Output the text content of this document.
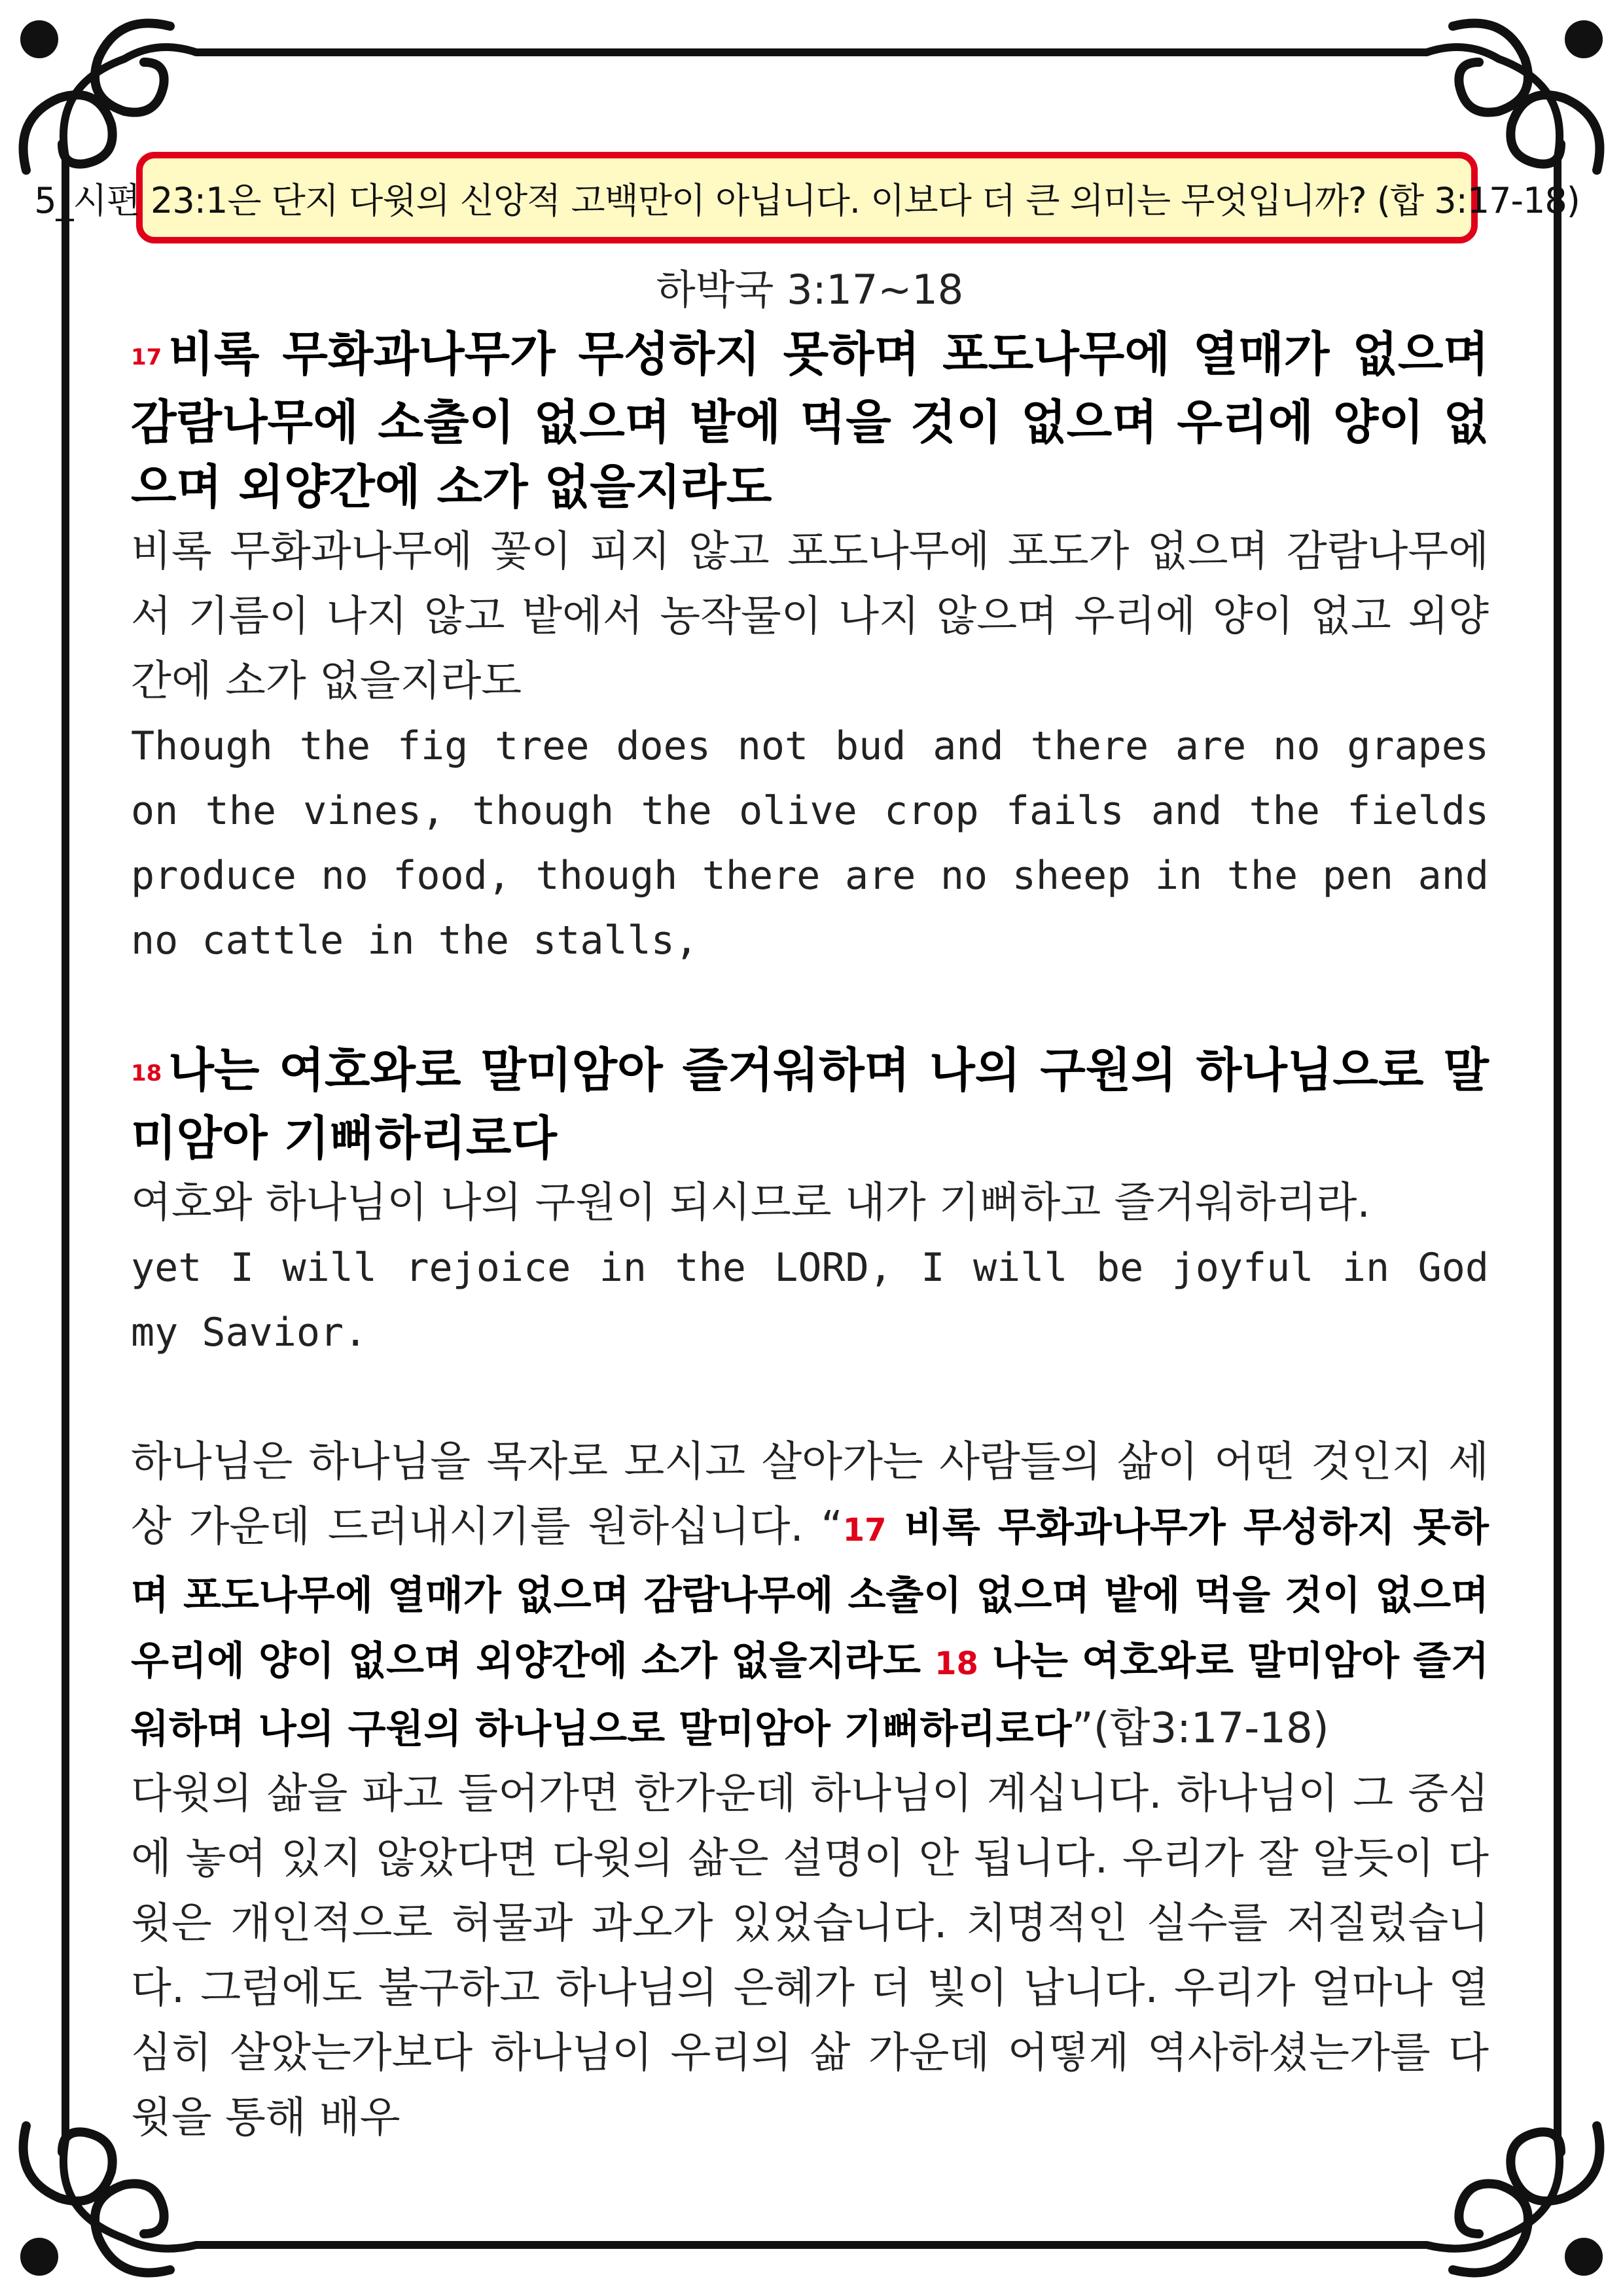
5_시편 23:1은 단지 다윗의 신앙적 고백만이 아닙니다. 이보다 더 큰 의미는 무엇입니까? (합 3:17-18)
하박국 3:17~18

17 비록 무화과나무가 무성하지 못하며 포도나무에 열매가 없으며 감람나무에 소출이 없으며 밭에 먹을 것이 없으며 우리에 양이 없으며 외양간에 소가 없을지라도

비록 무화과나무에 꽃이 피지 않고 포도나무에 포도가 없으며 감람나무에서 기름이 나지 않고 밭에서 농작물이 나지 않으며 우리에 양이 없고 외양간에 소가 없을지라도

Though the fig tree does not bud and there are no grapes on the vines, though the olive crop fails and the fields produce no food, though there are no sheep in the pen and no cattle in the stalls,

18 나는 여호와로 말미암아 즐거워하며 나의 구원의 하나님으로 말미암아 기뻐하리로다

여호와 하나님이 나의 구원이 되시므로 내가 기뻐하고 즐거워하리라.

yet I will rejoice in the LORD, I will be joyful in God my Savior.

하나님은 하나님을 목자로 모시고 살아가는 사람들의 삶이 어떤 것인지 세상 가운데 드러내시기를 원하십니다. “17 비록 무화과나무가 무성하지 못하며 포도나무에 열매가 없으며 감람나무에 소출이 없으며 밭에 먹을 것이 없으며 우리에 양이 없으며 외양간에 소가 없을지라도 18 나는 여호와로 말미암아 즐거워하며 나의 구원의 하나님으로 말미암아 기뻐하리로다”(합3:17-18)

다윗의 삶을 파고 들어가면 한가운데 하나님이 계십니다. 하나님이 그 중심에 놓여 있지 않았다면 다윗의 삶은 설명이 안 됩니다. 우리가 잘 알듯이 다윗은 개인적으로 허물과 과오가 있었습니다. 치명적인 실수를 저질렀습니다. 그럼에도 불구하고 하나님의 은혜가 더 빛이 납니다. 우리가 얼마나 열심히 살았는가보다 하나님이 우리의 삶 가운데 어떻게 역사하셨는가를 다윗을 통해 배우
